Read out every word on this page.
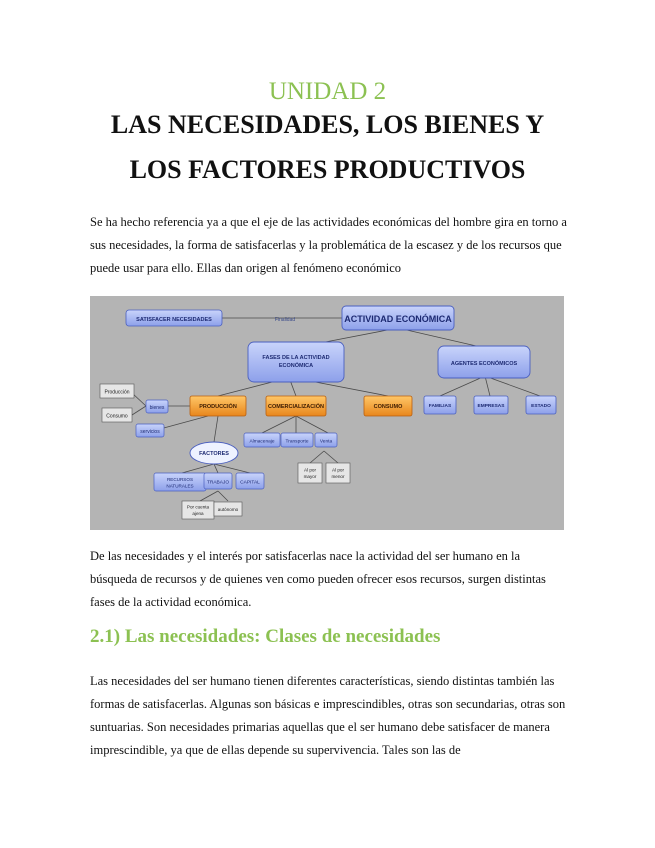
UNIDAD 2
LAS NECESIDADES, LOS BIENES Y
LOS FACTORES PRODUCTIVOS

Se ha hecho referencia ya a que el eje de las actividades económicas del hombre gira en torno a sus necesidades, la forma de satisfacerlas y la problemática de la escasez y de los recursos que puede usar para ello. Ellas dan origen al fenómeno económico

SATISFACER NECESIDADES	Finalidad	ACTIVIDAD ECONÓMICA
FASES DE LA ACTIVIDAD
ECONÓMICA	AGENTES ECONÓMICOS
PRODUCCIÓN	COMERCIALIZACIÓN	CONSUMO	FAMILIAS	EMPRESAS	ESTADO
Producción
Consumo
bienes
servicios
FACTORES
RECURSOS
NATURALES
TRABAJO CAPITAL
Por cuenta
ajena
autónomo
Almacenaje Transporte Venta
Al por
mayor
Al por
menor

De las necesidades y el interés por satisfacerlas nace la actividad del ser humano en la búsqueda de recursos y de quienes ven como pueden ofrecer esos recursos, surgen distintas fases de la actividad económica.

2.1) Las necesidades: Clases de necesidades

Las necesidades del ser humano tienen diferentes características, siendo distintas también las formas de satisfacerlas. Algunas son básicas e imprescindibles, otras son secundarias, otras son suntuarias. Son necesidades primarias aquellas que el ser humano debe satisfacer de manera imprescindible, ya que de ellas depende su supervivencia. Tales son las de
